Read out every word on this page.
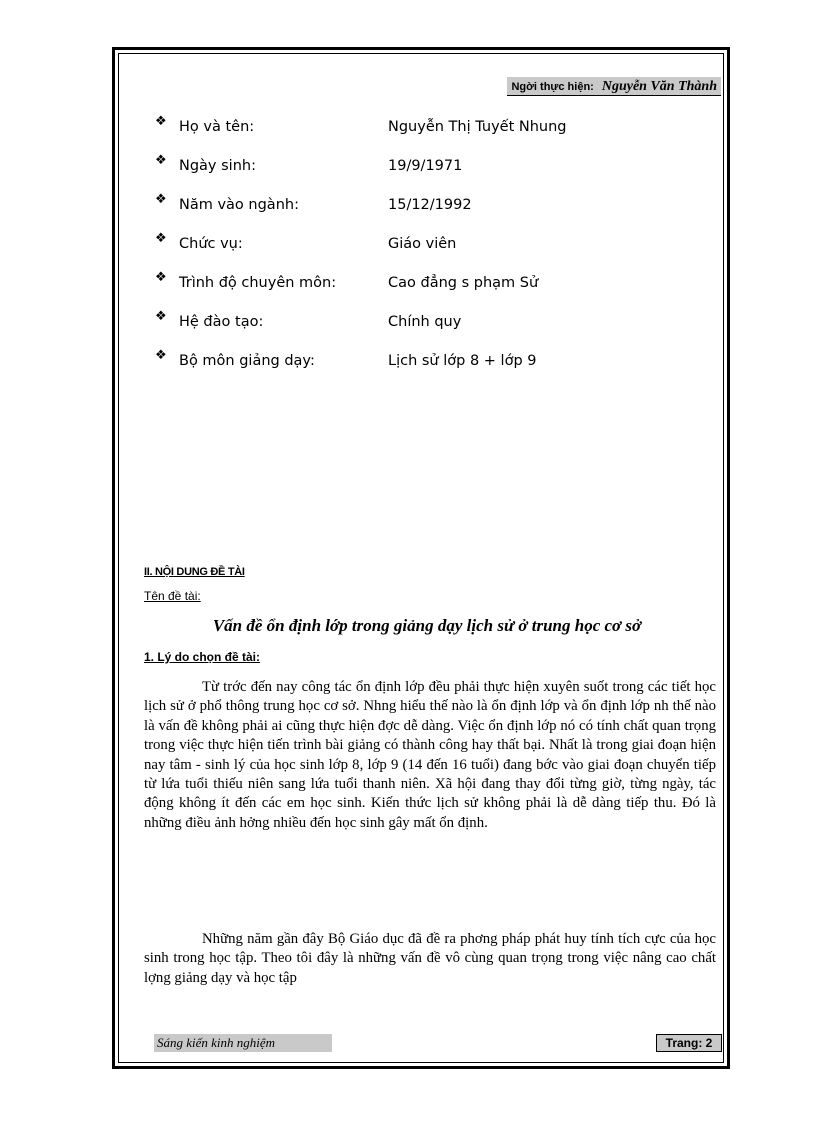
Ngời thực hiện: Nguyễn Văn Thành
❖ Họ và tên:	Nguyễn Thị Tuyết Nhung
❖ Ngày sinh:	19/9/1971
❖ Năm vào ngành:	15/12/1992
❖ Chức vụ:	Giáo viên
❖ Trình độ chuyên môn:	Cao đẳng s phạm Sử
❖ Hệ đào tạo:	Chính quy
❖ Bộ môn giảng dạy:	Lịch sử lớp 8 + lớp 9
II. NỘI DUNG ĐỀ TÀI
Tên đề tài:
Vấn đề ổn định lớp trong giảng dạy lịch sử ở trung học cơ sở
1. Lý do chọn đề tài:

Từ trớc đến nay công tác ổn định lớp đều phải thực hiện xuyên suốt trong các tiết học lịch sử ở phổ thông trung học cơ sở. Nhng hiểu thế nào là ổn định lớp và ổn định lớp nh thế nào là vấn đề không phải ai cũng thực hiện đợc dễ dàng. Việc ổn định lớp nó có tính chất quan trọng trong việc thực hiện tiến trình bài giảng có thành công hay thất bại. Nhất là trong giai đoạn hiện nay tâm - sinh lý của học sinh lớp 8, lớp 9 (14 đến 16 tuổi) đang bớc vào giai đoạn chuyển tiếp từ lứa tuổi thiếu niên sang lứa tuổi thanh niên. Xã hội đang thay đổi từng giờ, từng ngày, tác động không ít đến các em học sinh. Kiến thức lịch sử không phải là dễ dàng tiếp thu. Đó là những điều ảnh hởng nhiều đến học sinh gây mất ổn định.

Những năm gần đây Bộ Giáo dục đã đề ra phơng pháp phát huy tính tích cực của học sinh trong học tập. Theo tôi đây là những vấn đề vô cùng quan trọng trong việc nâng cao chất lợng giảng dạy và học tập

Sáng kiến kinh nghiệm	Trang: 2
